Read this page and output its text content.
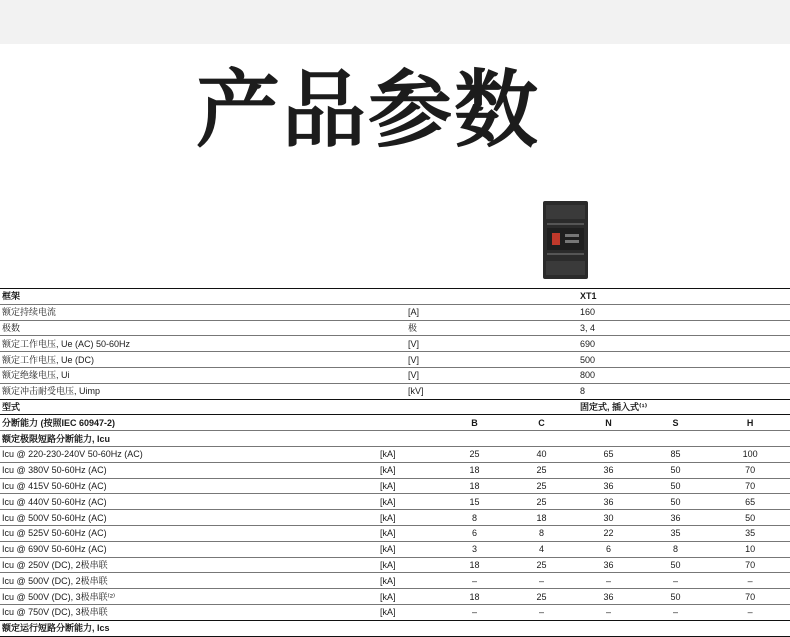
产品参数
框架				XT1				
额定持续电流		[A]		160				
极数		极		3, 4				
额定工作电压, Ue (AC) 50-60Hz		[V]		690				
额定工作电压, Ue (DC)		[V]		500				
额定绝缘电压, Ui		[V]		800				
额定冲击耐受电压, Uimp		[kV]		8				
型式				固定式, 插入式⁽¹⁾				
分断能力 (按照IEC 60947-2)			B		C	N	S	H
额定极限短路分断能力, Icu								
Icu @ 220-230-240V 50-60Hz (AC)	[kA]		25		40	65	85	100
Icu @ 380V 50-60Hz (AC)	[kA]		18		25	36	50	70
Icu @ 415V 50-60Hz (AC)	[kA]		18		25	36	50	70
Icu @ 440V 50-60Hz (AC)	[kA]		15		25	36	50	65
Icu @ 500V 50-60Hz (AC)	[kA]		8		18	30	36	50
Icu @ 525V 50-60Hz (AC)	[kA]		6		8	22	35	35
Icu @ 690V 50-60Hz (AC)	[kA]		3		4	6	8	10
Icu @ 250V (DC), 2极串联	[kA]		18		25	36	50	70
Icu @ 500V (DC), 2极串联	[kA]		–		–	–	–	–
Icu @ 500V (DC), 3极串联⁽²⁾	[kA]		18		25	36	50	70
Icu @ 750V (DC), 3极串联	[kA]		–		–	–	–	–
额定运行短路分断能力, Ics								
